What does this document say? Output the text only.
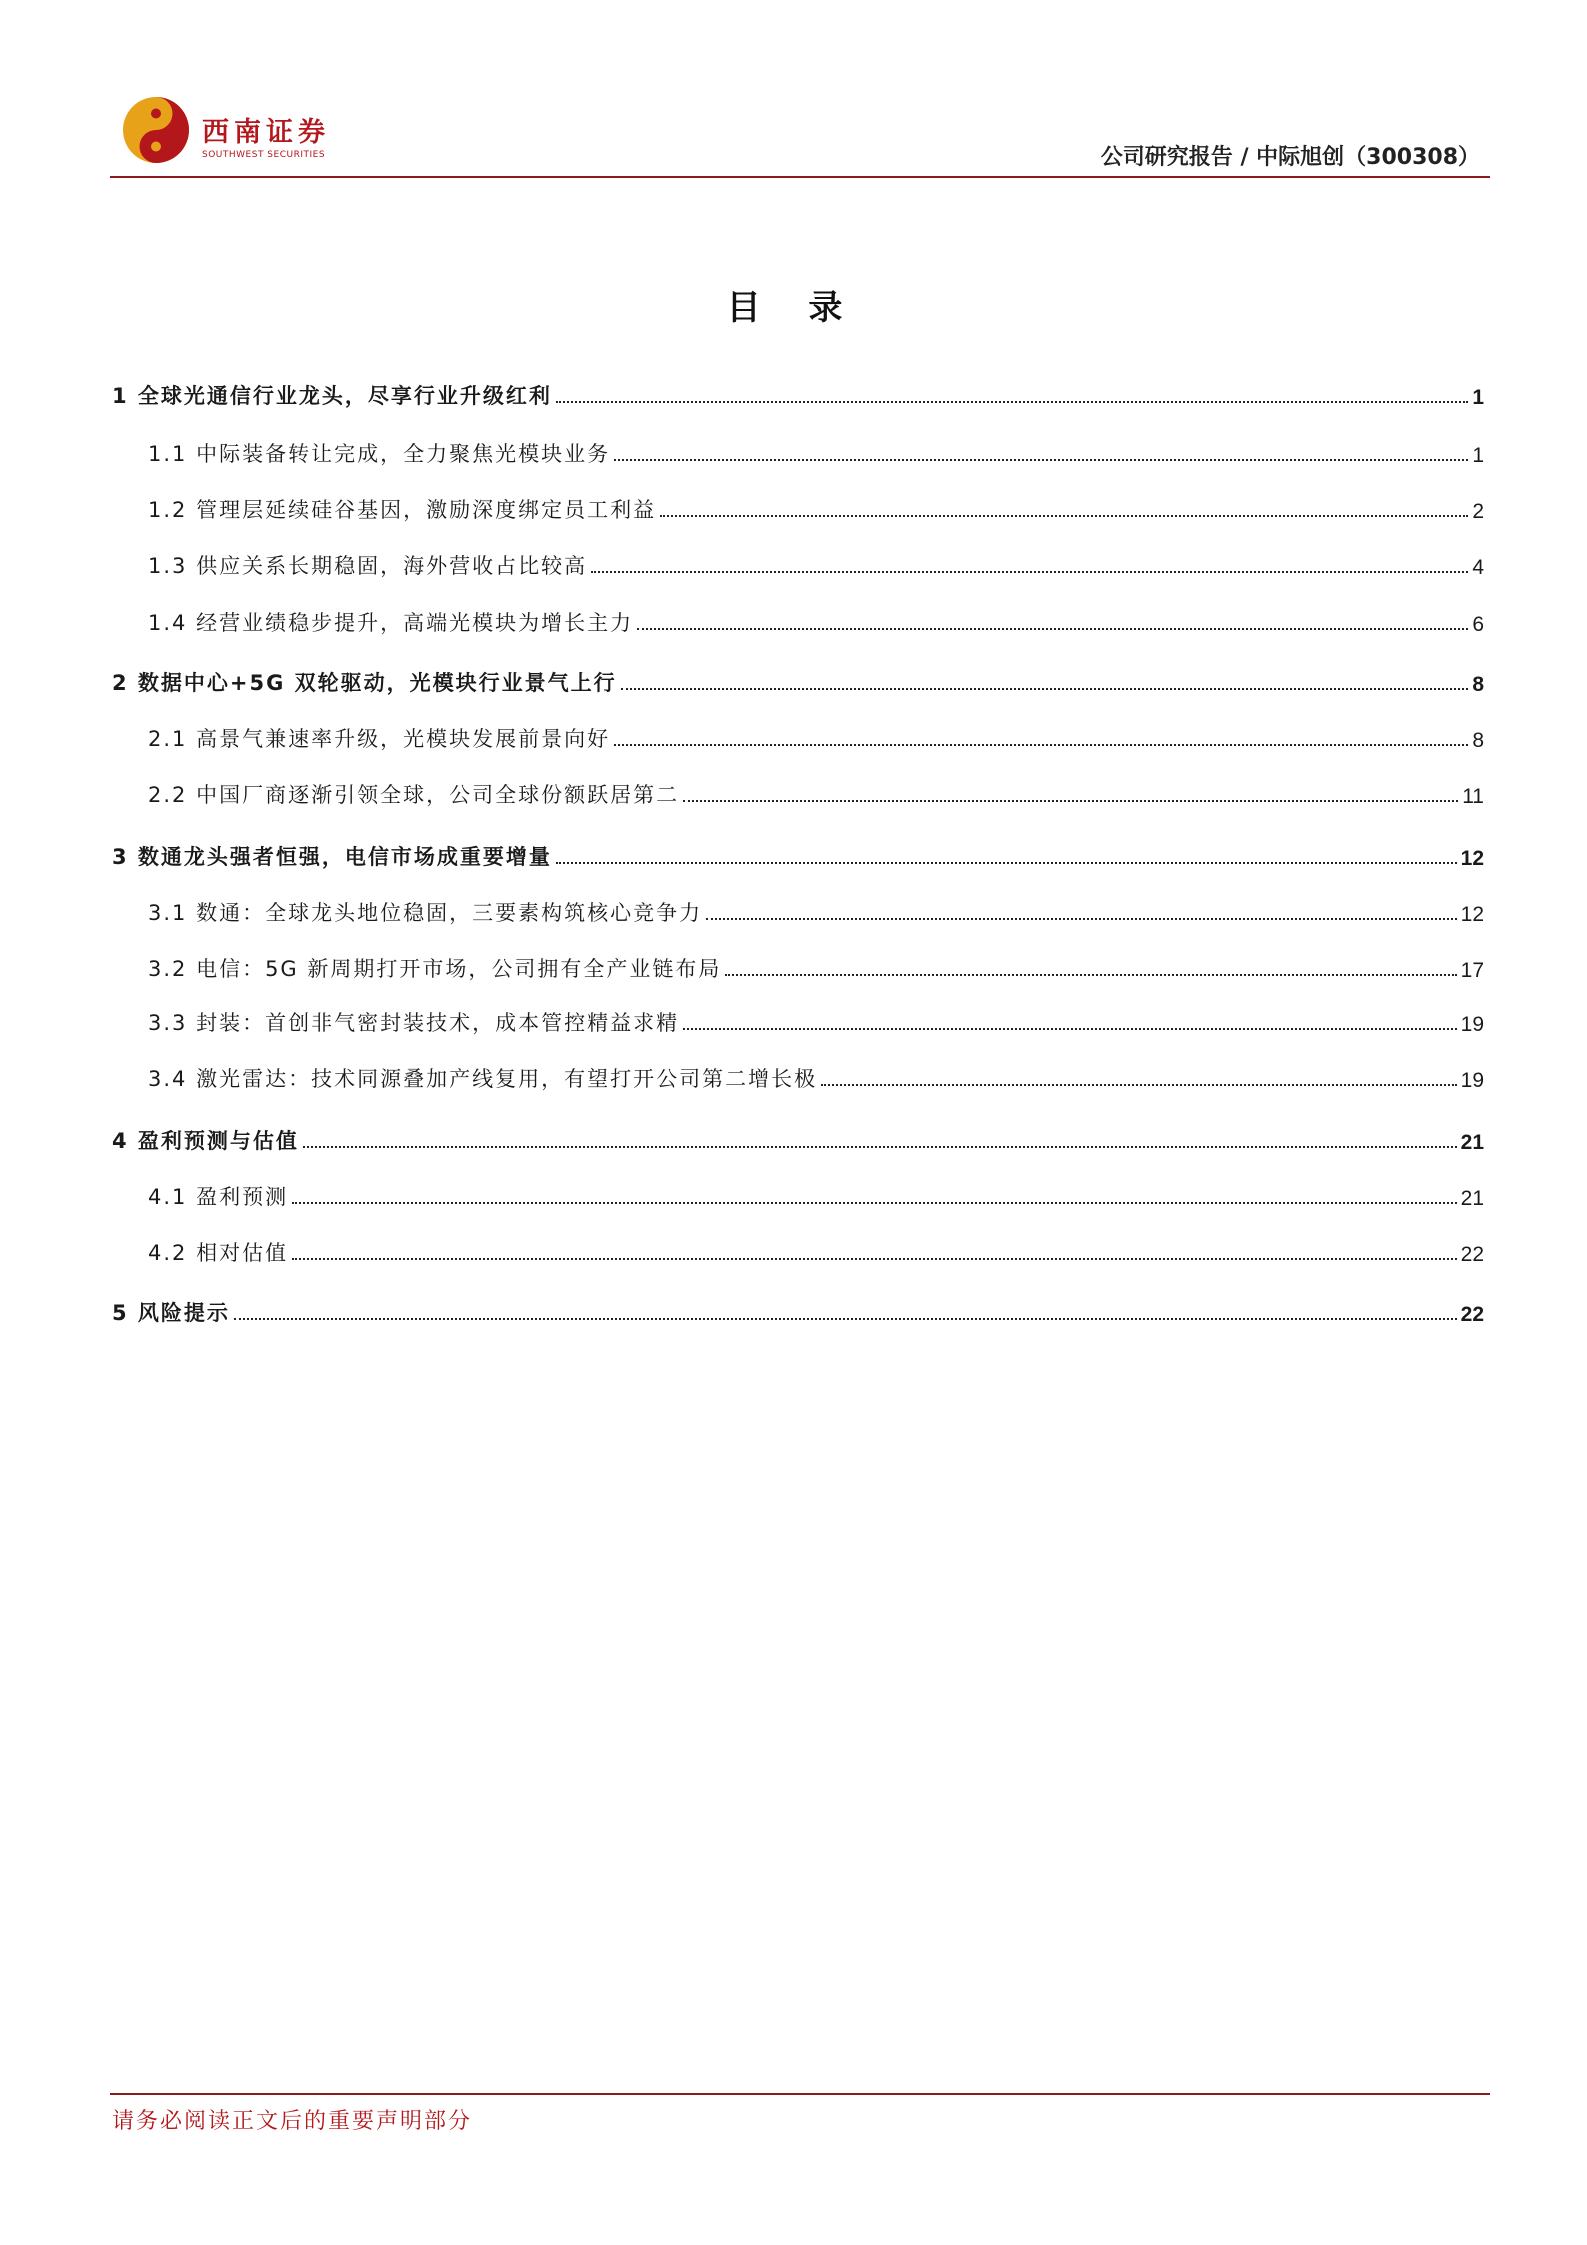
西南证券
SOUTHWEST SECURITIES	公司研究报告 / 中际旭创（300308）
目 录
1 全球光通信行业龙头，尽享行业升级红利	1
1.1 中际装备转让完成，全力聚焦光模块业务	1
1.2 管理层延续硅谷基因，激励深度绑定员工利益	2
1.3 供应关系长期稳固，海外营收占比较高	4
1.4 经营业绩稳步提升，高端光模块为增长主力	6
2 数据中心+5G 双轮驱动，光模块行业景气上行	8
2.1 高景气兼速率升级，光模块发展前景向好	8
2.2 中国厂商逐渐引领全球，公司全球份额跃居第二	11
3 数通龙头强者恒强，电信市场成重要增量	12
3.1 数通：全球龙头地位稳固，三要素构筑核心竞争力	12
3.2 电信：5G 新周期打开市场，公司拥有全产业链布局	17
3.3 封装：首创非气密封装技术，成本管控精益求精	19
3.4 激光雷达：技术同源叠加产线复用，有望打开公司第二增长极	19
4 盈利预测与估值	21
4.1 盈利预测	21
4.2 相对估值	22
5 风险提示	22
请务必阅读正文后的重要声明部分
